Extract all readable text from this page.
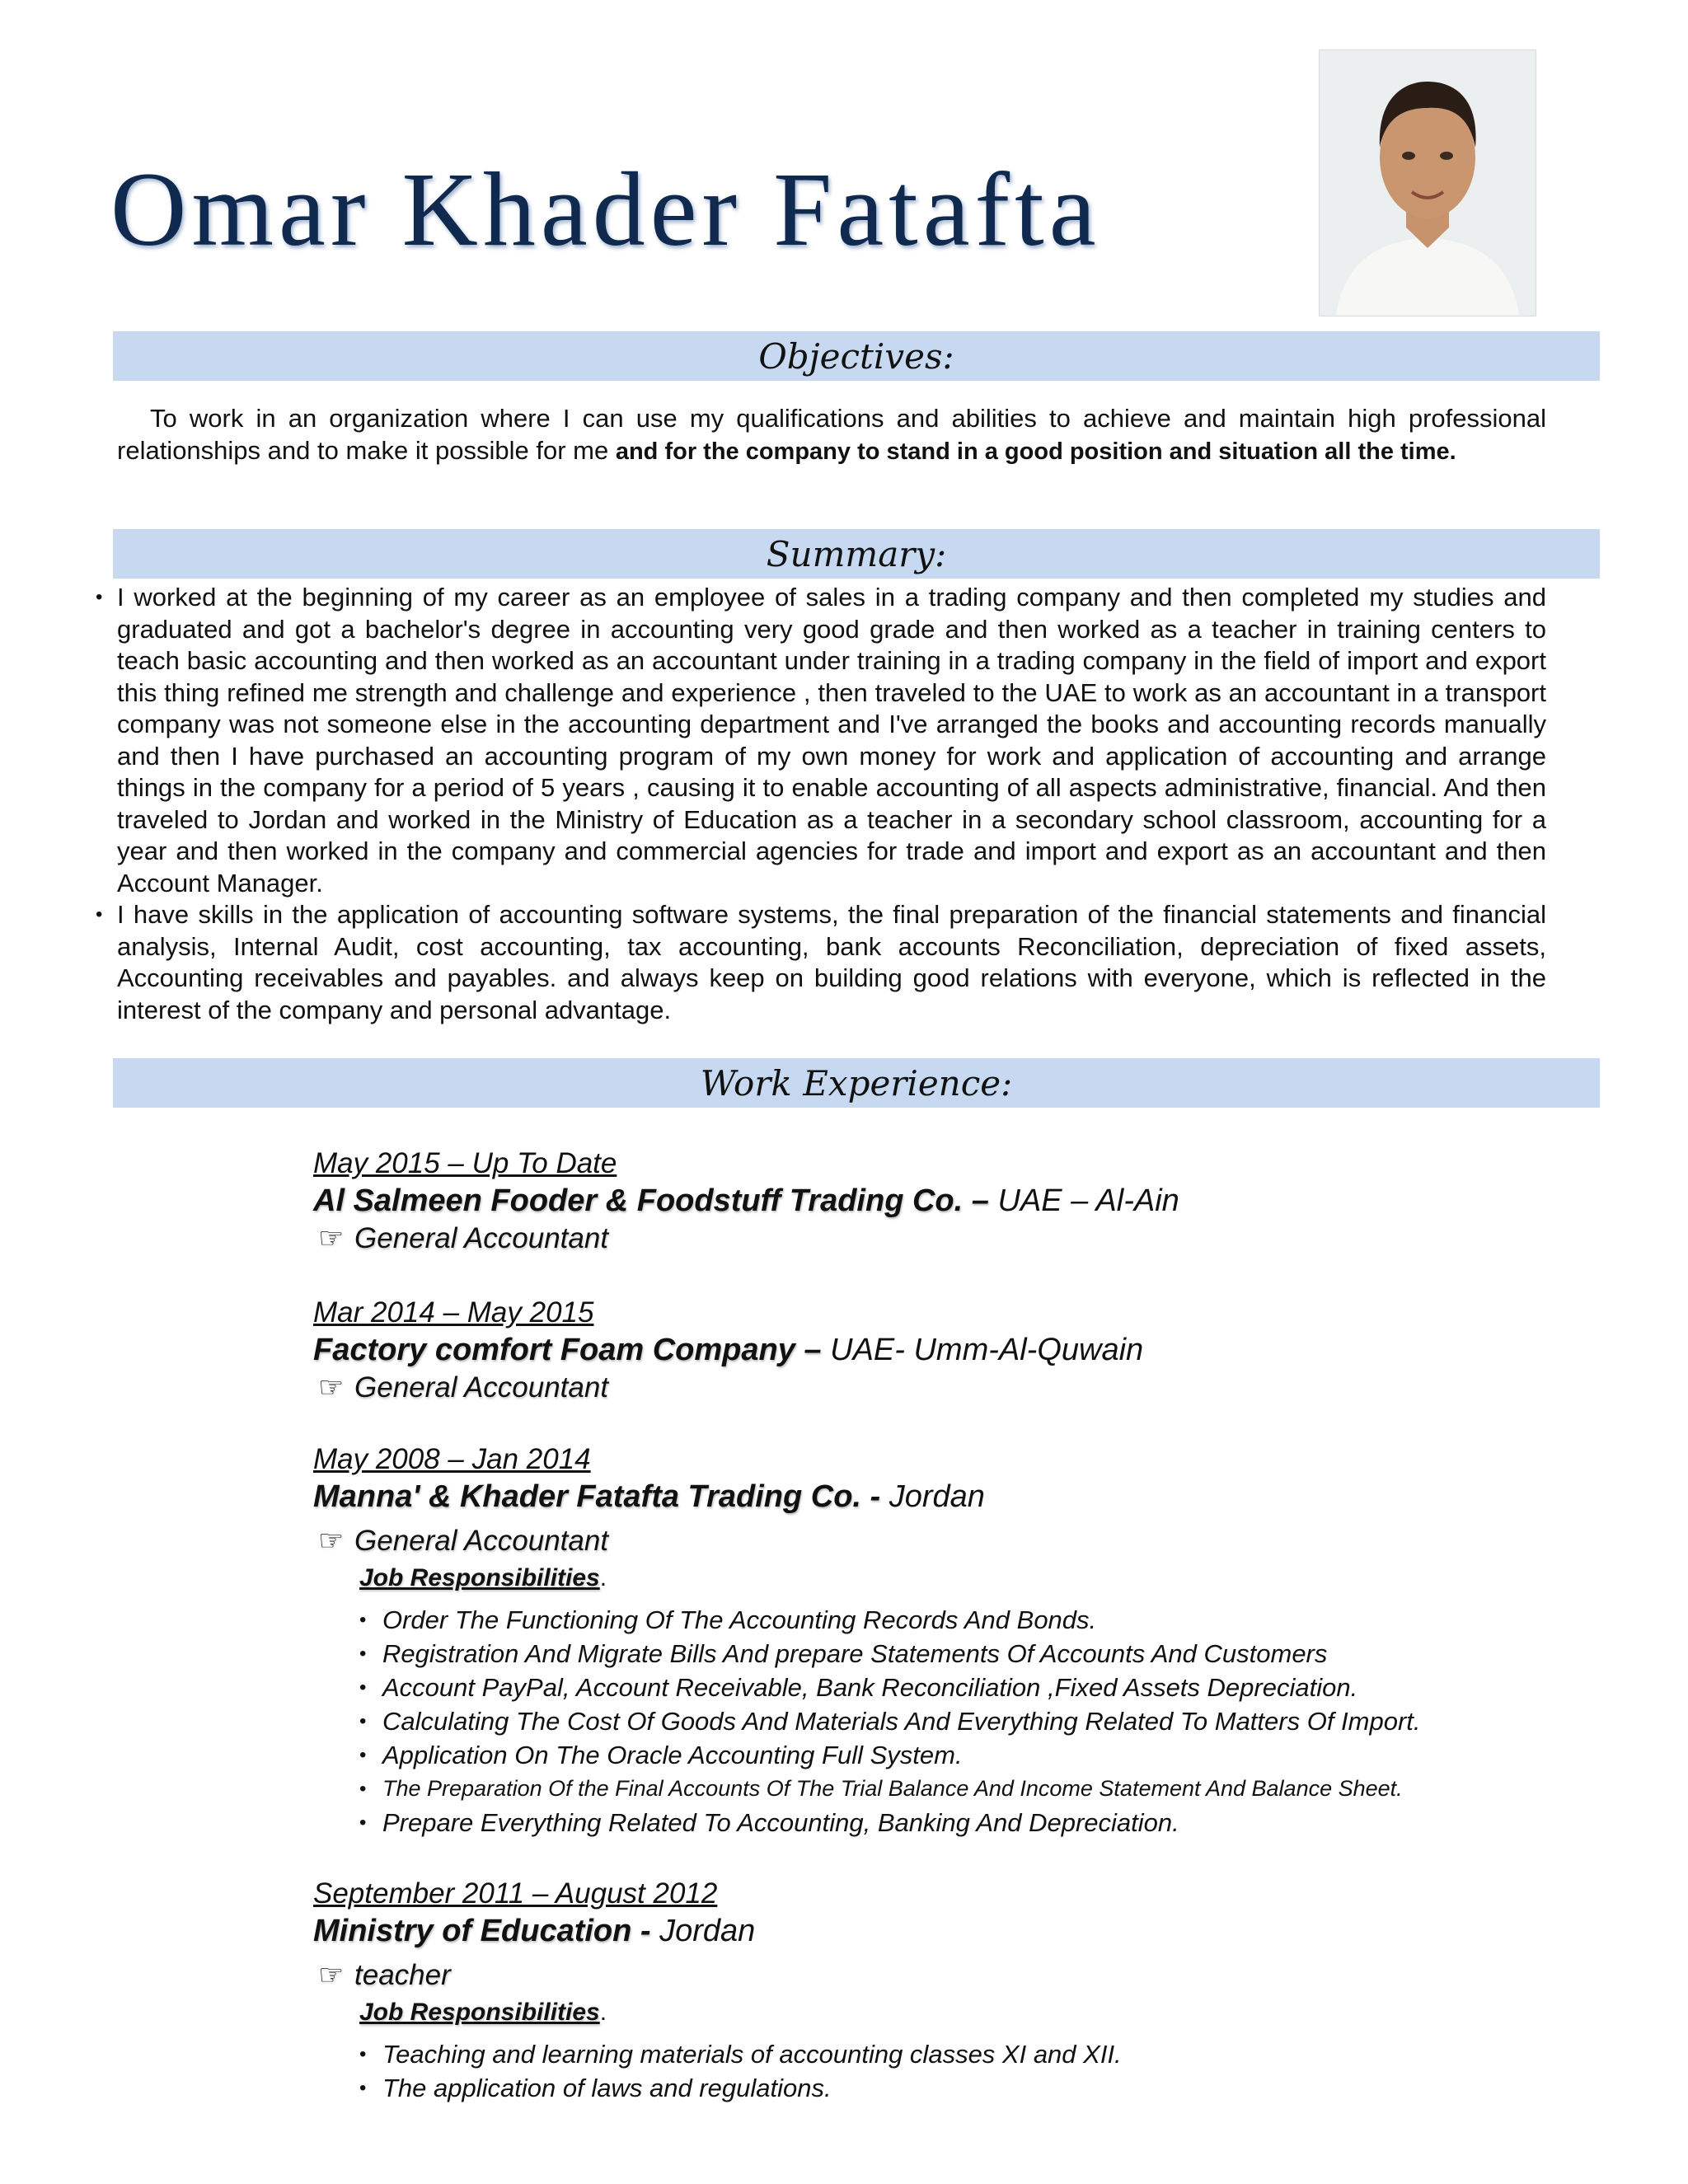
Omar Khader Fatafta
Objectives:
To work in an organization where I can use my qualifications and abilities to achieve and maintain high professional relationships and to make it possible for me and for the company to stand in a good position and situation all the time.
Summary:
• I worked at the beginning of my career as an employee of sales in a trading company and then completed my studies and graduated and got a bachelor's degree in accounting very good grade and then worked as a teacher in training centers to teach basic accounting and then worked as an accountant under training in a trading company in the field of import and export this thing refined me strength and challenge and experience , then traveled to the UAE to work as an accountant in a transport company was not someone else in the accounting department and I've arranged the books and accounting records manually and then I have purchased an accounting program of my own money for work and application of accounting and arrange things in the company for a period of 5 years , causing it to enable accounting of all aspects administrative, financial. And then traveled to Jordan and worked in the Ministry of Education as a teacher in a secondary school classroom, accounting for a year and then worked in the company and commercial agencies for trade and import and export as an accountant and then Account Manager.
• I have skills in the application of accounting software systems, the final preparation of the financial statements and financial analysis, Internal Audit, cost accounting, tax accounting, bank accounts Reconciliation, depreciation of fixed assets, Accounting receivables and payables. and always keep on building good relations with everyone, which is reflected in the interest of the company and personal advantage.
Work Experience:
May 2015 – Up To Date
Al Salmeen Fooder & Foodstuff Trading Co. – UAE – Al-Ain
☞ General Accountant
Mar 2014 – May 2015
Factory comfort Foam Company – UAE- Umm-Al-Quwain
☞ General Accountant
May 2008 – Jan 2014
Manna' & Khader Fatafta Trading Co. - Jordan
☞ General Accountant
Job Responsibilities.
• Order The Functioning Of The Accounting Records And Bonds.
• Registration And Migrate Bills And prepare Statements Of Accounts And Customers
• Account PayPal, Account Receivable, Bank Reconciliation ,Fixed Assets Depreciation.
• Calculating The Cost Of Goods And Materials And Everything Related To Matters Of Import.
• Application On The Oracle Accounting Full System.
• The Preparation Of the Final Accounts Of The Trial Balance And Income Statement And Balance Sheet.
• Prepare Everything Related To Accounting, Banking And Depreciation.
September 2011 – August 2012
Ministry of Education - Jordan
☞ teacher
Job Responsibilities.
• Teaching and learning materials of accounting classes XI and XII.
• The application of laws and regulations.
